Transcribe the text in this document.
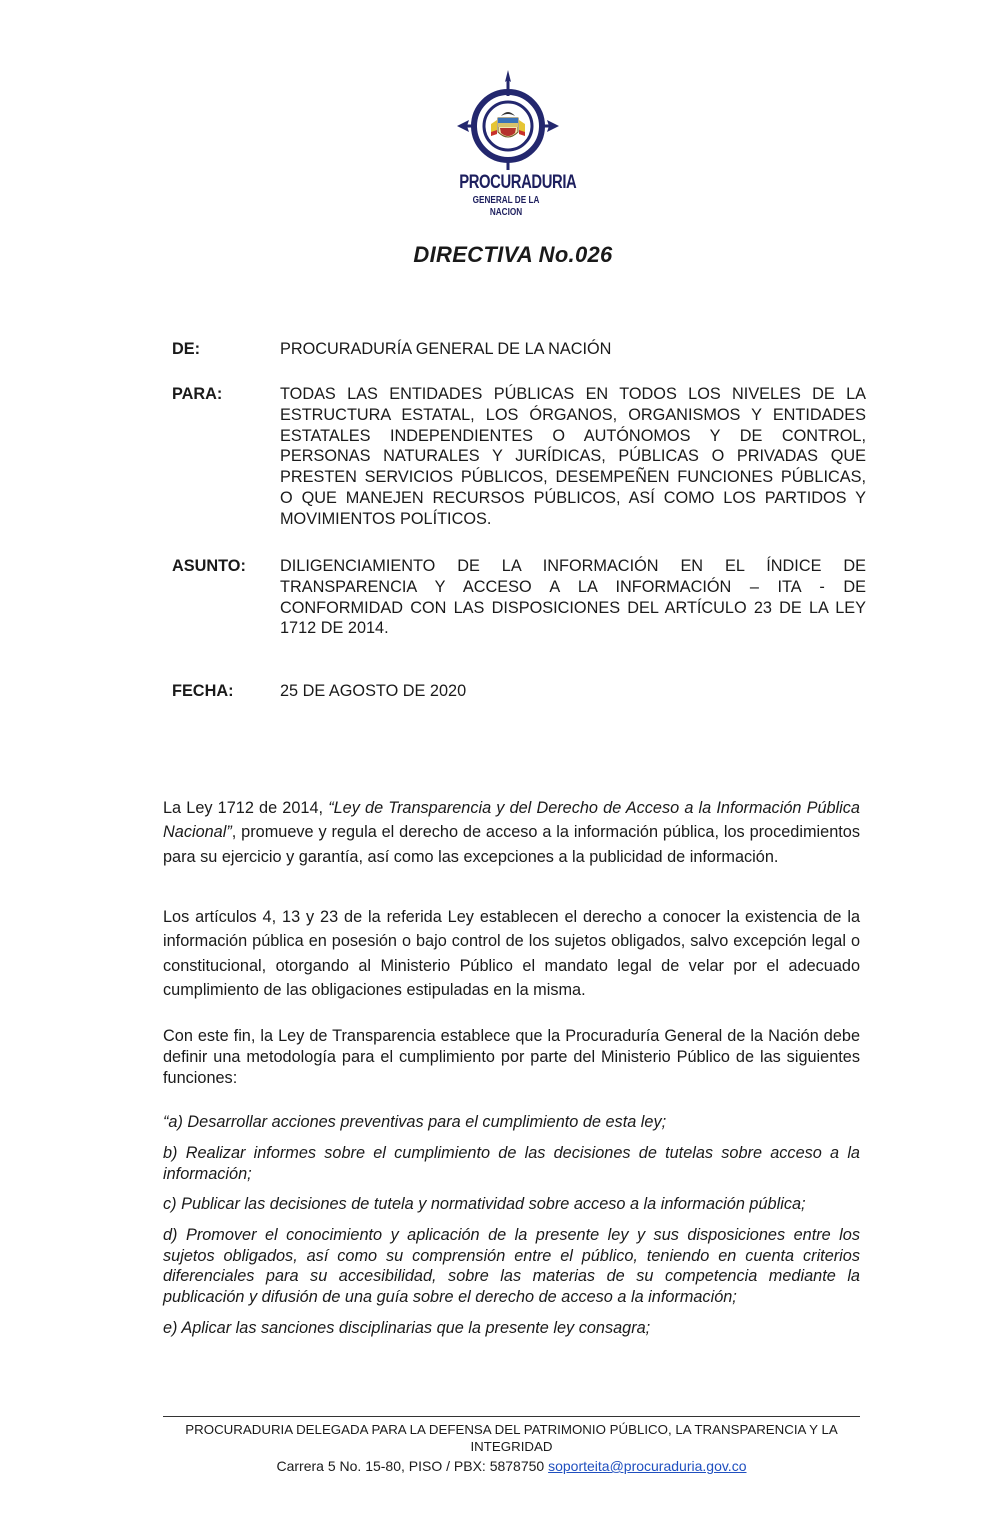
PROCURADURIA
GENERAL DE LA NACION
DIRECTIVA No.026
DE:	PROCURADURÍA GENERAL DE LA NACIÓN
PARA:	TODAS LAS ENTIDADES PÚBLICAS EN TODOS LOS NIVELES DE LA ESTRUCTURA ESTATAL, LOS ÓRGANOS, ORGANISMOS Y ENTIDADES ESTATALES INDEPENDIENTES O AUTÓNOMOS Y DE CONTROL, PERSONAS NATURALES Y JURÍDICAS, PÚBLICAS O PRIVADAS QUE PRESTEN SERVICIOS PÚBLICOS, DESEMPEÑEN FUNCIONES PÚBLICAS, O QUE MANEJEN RECURSOS PÚBLICOS, ASÍ COMO LOS PARTIDOS Y MOVIMIENTOS POLÍTICOS.
ASUNTO: DILIGENCIAMIENTO DE LA INFORMACIÓN EN EL ÍNDICE DE TRANSPARENCIA Y ACCESO A LA INFORMACIÓN – ITA - DE CONFORMIDAD CON LAS DISPOSICIONES DEL ARTÍCULO 23 DE LA LEY 1712 DE 2014.
FECHA:	25 DE AGOSTO DE 2020

La Ley 1712 de 2014, “Ley de Transparencia y del Derecho de Acceso a la Información Pública Nacional”, promueve y regula el derecho de acceso a la información pública, los procedimientos para su ejercicio y garantía, así como las excepciones a la publicidad de información.

Los artículos 4, 13 y 23 de la referida Ley establecen el derecho a conocer la existencia de la información pública en posesión o bajo control de los sujetos obligados, salvo excepción legal o constitucional, otorgando al Ministerio Público el mandato legal de velar por el adecuado cumplimiento de las obligaciones estipuladas en la misma.

Con este fin, la Ley de Transparencia establece que la Procuraduría General de la Nación debe definir una metodología para el cumplimiento por parte del Ministerio Público de las siguientes funciones:

“a) Desarrollar acciones preventivas para el cumplimiento de esta ley;

b) Realizar informes sobre el cumplimiento de las decisiones de tutelas sobre acceso a la información;

c) Publicar las decisiones de tutela y normatividad sobre acceso a la información pública;

d) Promover el conocimiento y aplicación de la presente ley y sus disposiciones entre los sujetos obligados, así como su comprensión entre el público, teniendo en cuenta criterios diferenciales para su accesibilidad, sobre las materias de su competencia mediante la publicación y difusión de una guía sobre el derecho de acceso a la información;

e) Aplicar las sanciones disciplinarias que la presente ley consagra;

PROCURADURIA DELEGADA PARA LA DEFENSA DEL PATRIMONIO PÚBLICO, LA TRANSPARENCIA Y LA INTEGRIDAD
Carrera 5 No. 15-80, PISO / PBX: 5878750 soporteita@procuraduria.gov.co
